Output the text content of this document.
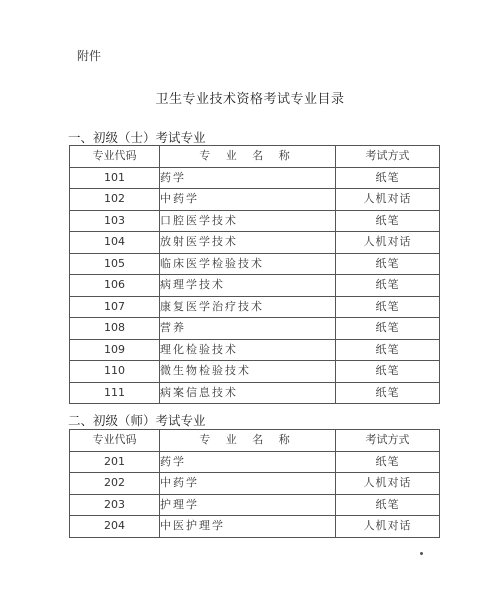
附件
卫生专业技术资格考试专业目录
一、初级（士）考试专业
专业代码	专 业 名 称	考试方式
101	药学	纸笔
102	中药学	人机对话
103	口腔医学技术	纸笔
104	放射医学技术	人机对话
105	临床医学检验技术	纸笔
106	病理学技术	纸笔
107	康复医学治疗技术	纸笔
108	营养	纸笔
109	理化检验技术	纸笔
110	微生物检验技术	纸笔
111	病案信息技术	纸笔
二、初级（师）考试专业
专业代码	专 业 名 称	考试方式
201	药学	纸笔
202	中药学	人机对话
203	护理学	纸笔
204	中医护理学	人机对话
